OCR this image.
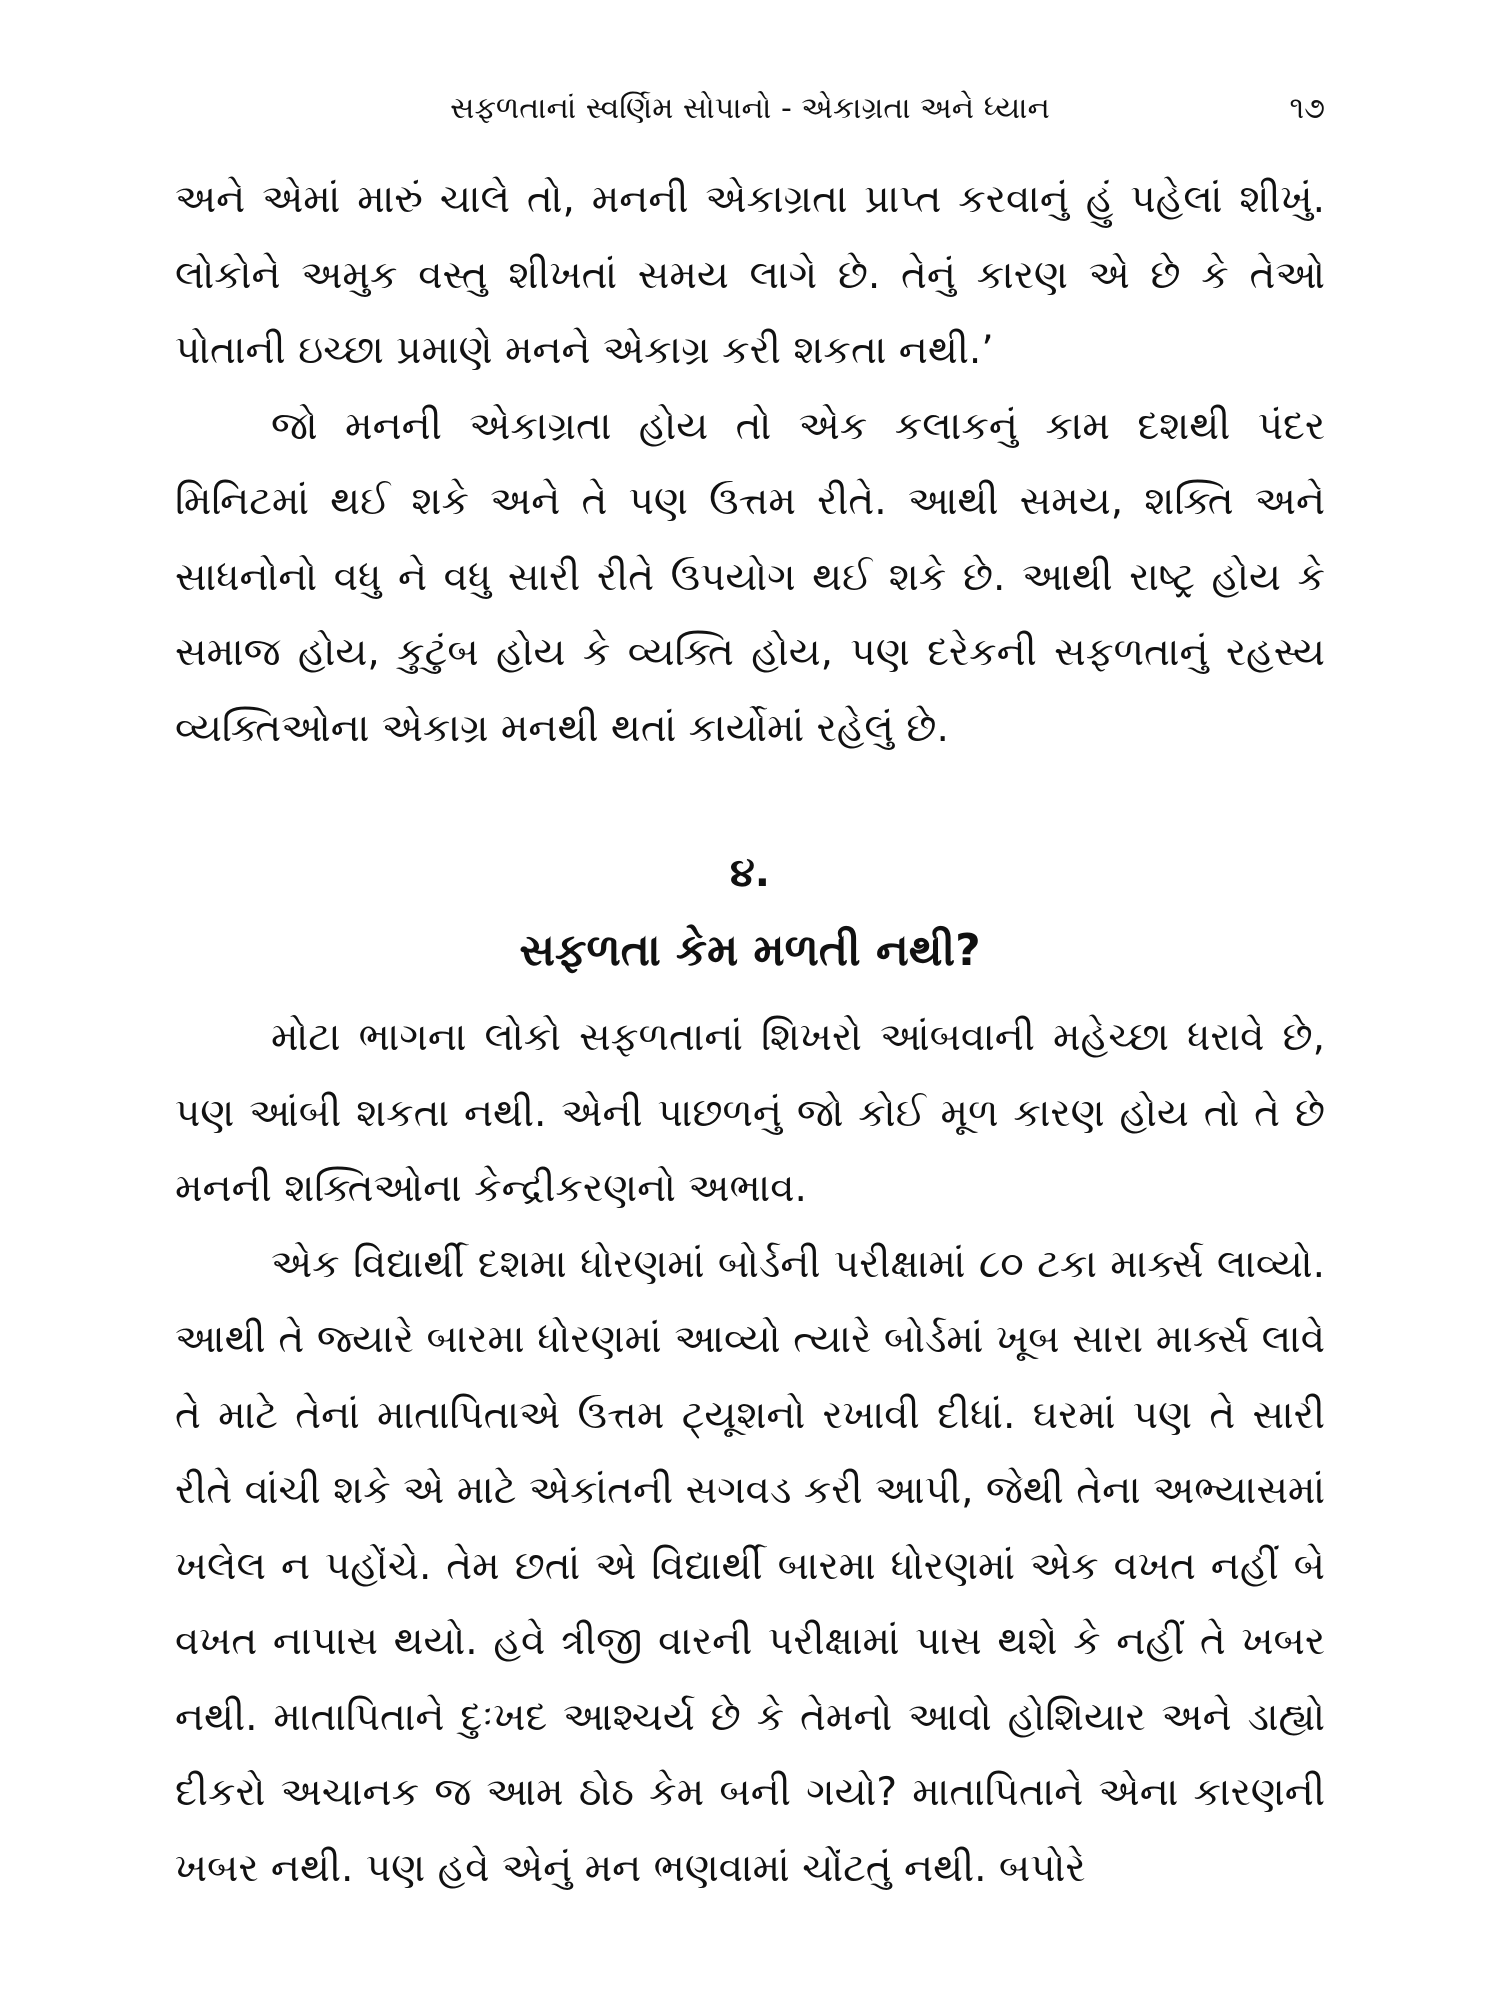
સફળતાનાં સ્વર્ણિમ સોપાનો - એકાગ્રતા અને ધ્યાન	૧૭

અને એમાં મારું ચાલે તો, મનની એકાગ્રતા પ્રાપ્ત કરવાનું હું પહેલાં શીખું. લોકોને અમુક વસ્તુ શીખતાં સમય લાગે છે. તેનું કારણ એ છે કે તેઓ પોતાની ઇચ્છા પ્રમાણે મનને એકાગ્ર કરી શકતા નથી.’

જો મનની એકાગ્રતા હોય તો એક કલાકનું કામ દશથી પંદર મિનિટમાં થઈ શકે અને તે પણ ઉત્તમ રીતે. આથી સમય, શક્તિ અને સાધનોનો વધુ ને વધુ સારી રીતે ઉપયોગ થઈ શકે છે. આથી રાષ્ટ્ર હોય કે સમાજ હોય, કુટુંબ હોય કે વ્યક્તિ હોય, પણ દરેકની સફળતાનું રહસ્ય વ્યક્તિઓના એકાગ્ર મનથી થતાં કાર્યોમાં રહેલું છે.

૪.
સફળતા કેમ મળતી નથી?

મોટા ભાગના લોકો સફળતાનાં શિખરો આંબવાની મહેચ્છા ધરાવે છે, પણ આંબી શકતા નથી. એની પાછળનું જો કોઈ મૂળ કારણ હોય તો તે છે મનની શક્તિઓના કેન્દ્રીકરણનો અભાવ.

એક વિદ્યાર્થી દશમા ધોરણમાં બોર્ડની પરીક્ષામાં ૮૦ ટકા માર્ક્સ લાવ્યો. આથી તે જ્યારે બારમા ધોરણમાં આવ્યો ત્યારે બોર્ડમાં ખૂબ સારા માર્ક્સ લાવે તે માટે તેનાં માતાપિતાએ ઉત્તમ ટ્યૂશનો રખાવી દીધાં. ઘરમાં પણ તે સારી રીતે વાંચી શકે એ માટે એકાંતની સગવડ કરી આપી, જેથી તેના અભ્યાસમાં ખલેલ ન પહોંચે. તેમ છતાં એ વિદ્યાર્થી બારમા ધોરણમાં એક વખત નહીં બે વખત નાપાસ થયો. હવે ત્રીજી વારની પરીક્ષામાં પાસ થશે કે નહીં તે ખબર નથી. માતાપિતાને દુઃખદ આશ્ચર્ય છે કે તેમનો આવો હોશિયાર અને ડાહ્યો દીકરો અચાનક જ આમ ઠોઠ કેમ બની ગયો? માતાપિતાને એના કારણની ખબર નથી. પણ હવે એનું મન ભણવામાં ચોંટતું નથી. બપોરે
